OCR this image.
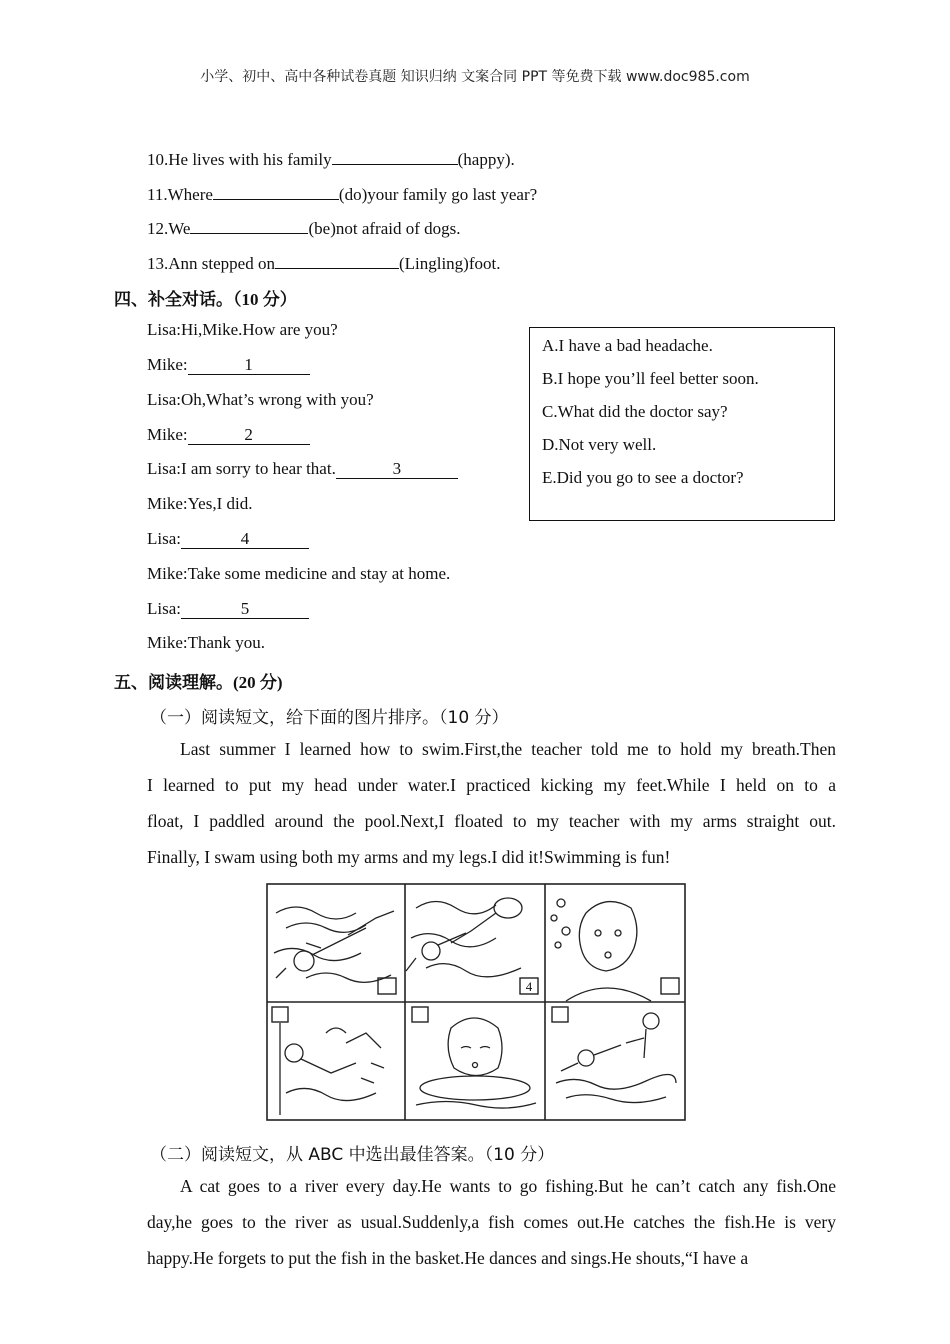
小学、初中、高中各种试卷真题 知识归纳 文案合同 PPT 等免费下载 www.doc985.com
10.He lives with his family	(happy).
11.Where	(do)your family go last year?
12.We	(be)not afraid of dogs.
13.Ann stepped on	(Lingling)foot.
四、补全对话。（10 分）
Lisa:Hi,Mike.How are you?
Mike:	1
Lisa:Oh,What’s wrong with you?
Mike:	2
Lisa:I am sorry to hear that.	3
Mike:Yes,I did.
Lisa:	4
Mike:Take some medicine and stay at home.
Lisa:	5
Mike:Thank you.
A.I have a bad headache.
B.I hope you’ll feel better soon.
C.What did the doctor say?
D.Not very well.
E.Did you go to see a doctor?
五、阅读理解。(20 分)
（一）阅读短文，给下面的图片排序。（10 分）
Last summer I learned how to swim.First,the teacher told me to hold my breath.Then
I learned to put my head under water.I practiced kicking my feet.While I held on to a
float, I paddled around the pool.Next,I floated to my teacher with my arms straight out.
Finally, I swam using both my arms and my legs.I did it!Swimming is fun!
4
（二）阅读短文，从 ABC 中选出最佳答案。（10 分）
A cat goes to a river every day.He wants to go fishing.But he can’t catch any fish.One
day,he goes to the river as usual.Suddenly,a fish comes out.He catches the fish.He is very
happy.He forgets to put the fish in the basket.He dances and sings.He shouts,“I have a
